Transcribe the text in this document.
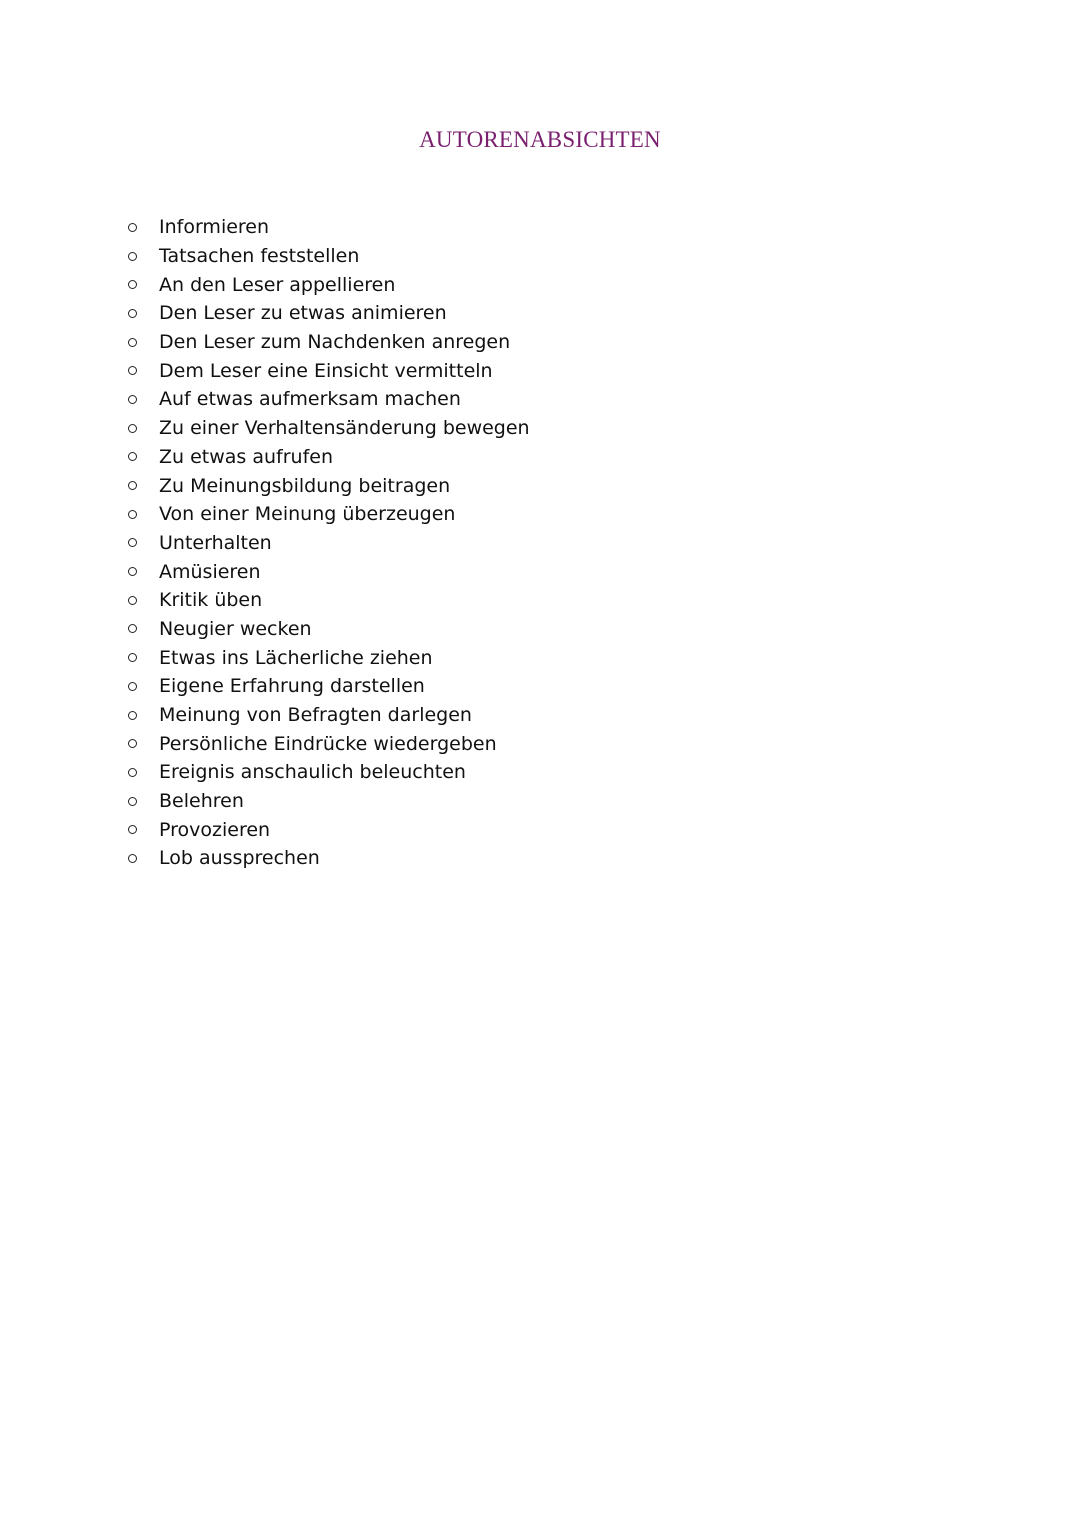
AUTORENABSICHTEN
Informieren
Tatsachen feststellen
An den Leser appellieren
Den Leser zu etwas animieren
Den Leser zum Nachdenken anregen
Dem Leser eine Einsicht vermitteln
Auf etwas aufmerksam machen
Zu einer Verhaltensänderung bewegen
Zu etwas aufrufen
Zu Meinungsbildung beitragen
Von einer Meinung überzeugen
Unterhalten
Amüsieren
Kritik üben
Neugier wecken
Etwas ins Lächerliche ziehen
Eigene Erfahrung darstellen
Meinung von Befragten darlegen
Persönliche Eindrücke wiedergeben
Ereignis anschaulich beleuchten
Belehren
Provozieren
Lob aussprechen
